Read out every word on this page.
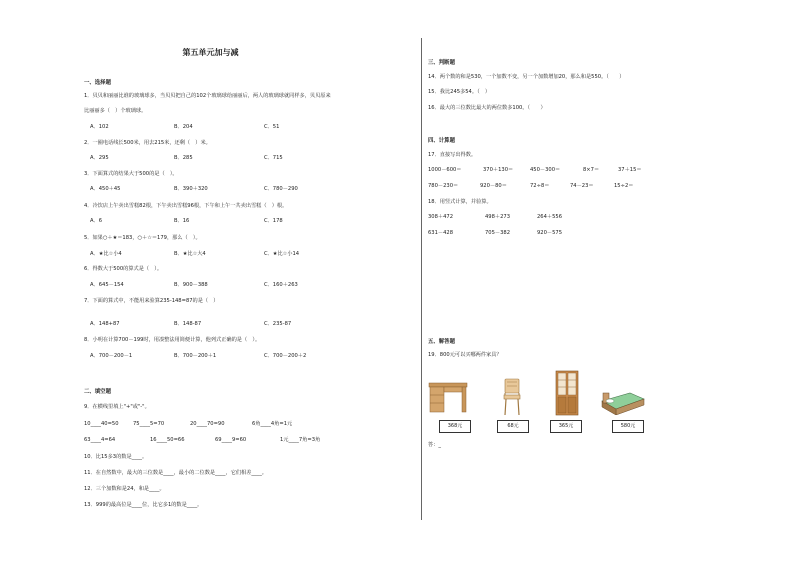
第五单元加与减
一、选择题
1．贝贝和丽丽比谁的玻璃球多，当贝贝把自己的102个玻璃球给丽丽后，两人的玻璃球就同样多，贝贝原来
比丽丽多（　）个玻璃球。
A．102	B．204	C．51
2．一圈电话线长500米，用去215米，还剩（　）米。
A．295	B．285	C．715
3．下面算式的结果大于500的是（　）。
A．450＋45	B．390＋320	C．780－290
4．冷饮店上午卖出雪糕82根，下午卖出雪糕96根，下午和上午一共卖出雪糕（　）根。
A．6	B．16	C．178
5．如果○＋★＝183，○＋☆＝179，那么（　）。
A．★比☆小4	B．★比☆大4	C．★比☆小14
6．得数大于500的算式是（　）。
A．645－154	B．900－388	C．160＋263
7．下面的算式中，不能用来验算235-148=87的是（　）
A．148+87	B．148-87	C．235-87
8．小明在计算700－199时，用凑整法用简便计算，他列式正确的是（　）。
A．700－200－1	B．700－200＋1	C．700－200＋2
二、填空题
9．在横线里填上"+"或"-"。
10____40=50	75____5=70	20____70=90	6角____4角=1元
63____4=64	16____50=66	69____9=60	1元____7角=3角
10．比15多3的数是____。
11．在自然数中，最大的三位数是____，最小的二位数是____，它们相差____。
12．三个加数和是24，和是____。
13．999的最高位是____位，比它多1的数是____。
三、判断题
14．两个数的和是530，一个加数不变，另一个加数增加20，那么和是550。（　　）
15．我比245多54。（　）
16．最大的三位数比最大的两位数多100。（　　）
四、计算题
17．直接写出得数。
1000－600＝	370＋130＝	450－300＝	8×7＝	37＋15＝
780－230＝	920－80＝	72÷8＝	74－23＝	15÷2＝
18．用竖式计算，并验算。
308＋472	498＋273	264＋556
631－428	705－382	920－575
五、解答题
19．800元可以买哪两件家具？
368元	68元	365元	580元
答：_
